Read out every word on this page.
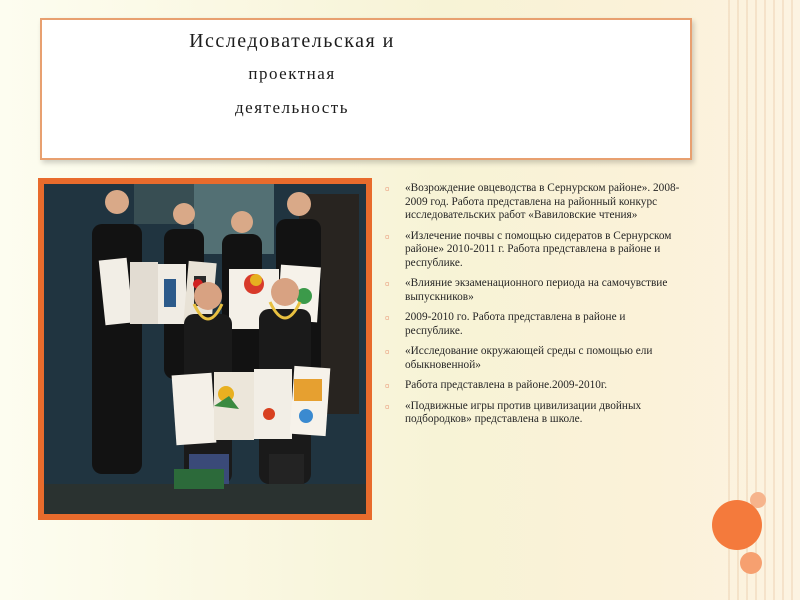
Исследовательская и
проектная
деятельность
▫ «Возрождение овцеводства в Сернурском районе». 2008- 2009 год. Работа представлена на районный конкурс исследовательских работ «Вавиловские чтения»
▫ «Излечение почвы с помощью сидератов в Сернурском районе» 2010-2011 г. Работа представлена в районе и республике.
▫ «Влияние экзаменационного периода на самочувствие выпускников»
▫ 2009-2010 го. Работа представлена в районе и республике.
▫ «Исследование окружающей среды с помощью ели обыкновенной»
▫ Работа представлена в районе.2009-2010г.
▫ «Подвижные игры против цивилизации двойных подбородков» представлена в школе.
